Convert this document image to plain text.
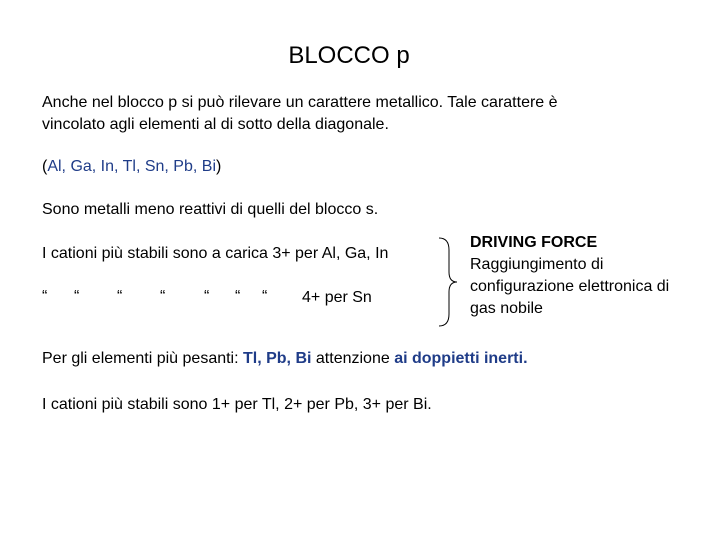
BLOCCO p
Anche nel blocco p si può rilevare un carattere metallico. Tale carattere è
vincolato agli elementi al di sotto della diagonale.
(Al, Ga, In, Tl, Sn, Pb, Bi)
Sono metalli meno reattivi di quelli del blocco s.
I cationi più stabili sono a carica 3+ per Al, Ga, In
“ “ “ “ “ “ “ 4+ per Sn
DRIVING FORCE
Raggiungimento di
configurazione elettronica di
gas nobile
Per gli elementi più pesanti: Tl, Pb, Bi attenzione ai doppietti inerti.
I cationi più stabili sono 1+ per Tl, 2+ per Pb, 3+ per Bi.
